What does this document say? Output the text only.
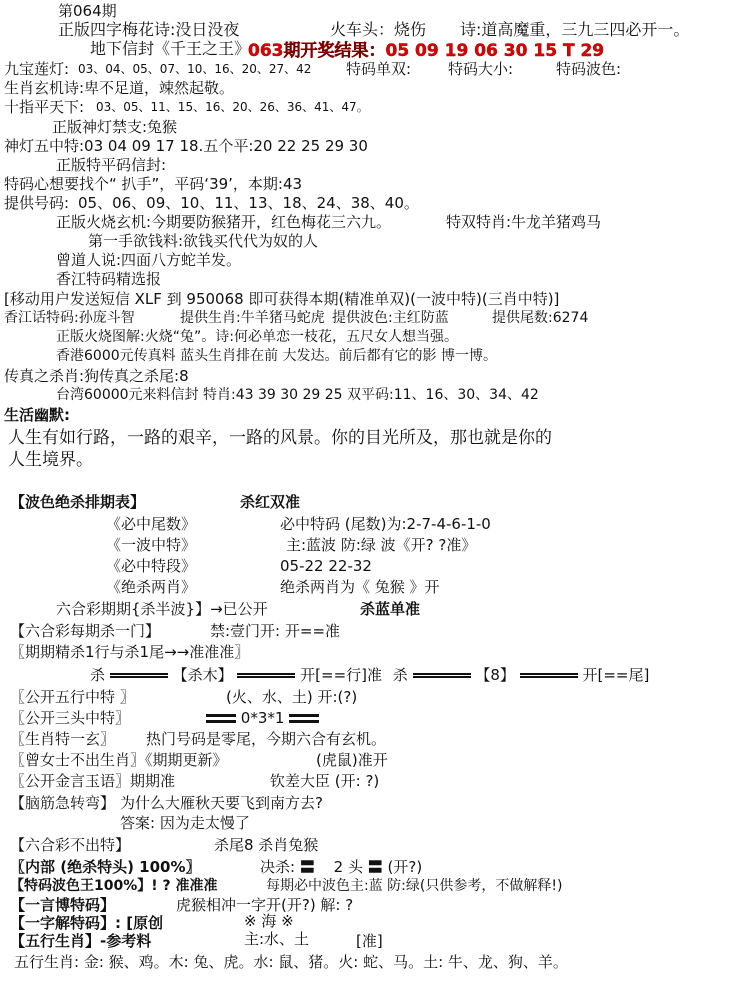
第064期
正版四字梅花诗:没日没夜	火车头：烧伤 诗:道高魔重，三九三四必开一。
地下信封《千王之王》
063期开奖结果：05 09 19 06 30 15 T 29
九宝莲灯: 03、04、05、07、10、16、20、27、42 特码单双: 特码大小:	特码波色:
生肖玄机诗:卑不足道，竦然起敬。
十指平天下: 03、05、11、15、16、20、26、36、41、47。
正版神灯禁支:兔猴
神灯五中特:03 04 09 17 18.五个平:20 22 25 29 30
正版特平码信封:
特码心想要找个“ 扒手”，平码‘39’，本期:43
提供号码: 05、06、09、10、11、13、18、24、38、40。
正版火烧玄机:今期要防猴猪开，红色梅花三六九。	特双特肖:牛龙羊猪鸡马
第一手欲钱料:欲钱买代代为奴的人
曾道人说:四面八方蛇羊发。
香江特码精选报
[移动用户发送短信 XLF 到 950068 即可获得本期(精准单双)(一波中特)(三肖中特)]
香江话特码:孙庞斗智	提供生肖:牛羊猪马蛇虎 提供波色:主红防蓝	提供尾数:6274
正版火烧图解:火烧“兔”。诗:何必单恋一枝花，五尺女人想当强。
香港6000元传真料 蓝头生肖排在前 大发达。前后都有它的影 博一博。
传真之杀肖:狗传真之杀尾:8
台湾60000元来料信封 特肖:43 39 30 29 25 双平码:11、16、30、34、42
生活幽默:
人生有如行路，一路的艰辛，一路的风景。你的目光所及，那也就是你的
人生境界。
【波色绝杀排期表】	杀红双准
《必中尾数》	必中特码 (尾数)为:2-7-4-6-1-0
《一波中特》	主:蓝波 防:绿 波《开? ?准》
《必中特段》	05-22 22-32
《绝杀两肖》	绝杀两肖为《 兔猴 》开
六合彩期期{杀半波}】→已公开	杀蓝单准
【六合彩每期杀一门】	禁:壹门开: 开==准
〖期期精杀1行与杀1尾→→准准准〗
杀	【杀木】	开[==行]准 杀	【8】	开[==尾]
〖公开五行中特 〗	(火、水、土) 开:(?)
〖公开三头中特〗	0*3*1
〖生肖特一玄〗 热门号码是零尾，今期六合有玄机。
〖曾女士不出生肖〗《期期更新》	(虎鼠)准开
〖公开金言玉语〗期期准	钦差大臣 (开: ?)
【脑筋急转弯】 为什么大雁秋天要飞到南方去?
答案: 因为走太慢了
【六合彩不出特】	杀尾8 杀肖兔猴
〖内部 (绝杀特头) 100%〗	决杀: 〓 2 头 〓 (开?)
【特码波色王100%】! ? 准准准	每期必中波色主:蓝 防:绿(只供参考，不做解释!)
【一言博特码】	虎猴相冲一字开(开?) 解: ?
【一字解特码】: [原创	※ 海 ※
【五行生肖】-参考料	主:水、土	[准]
五行生肖: 金: 猴、鸡。木: 兔、虎。水: 鼠、猪。火: 蛇、马。土: 牛、龙、狗、羊。
